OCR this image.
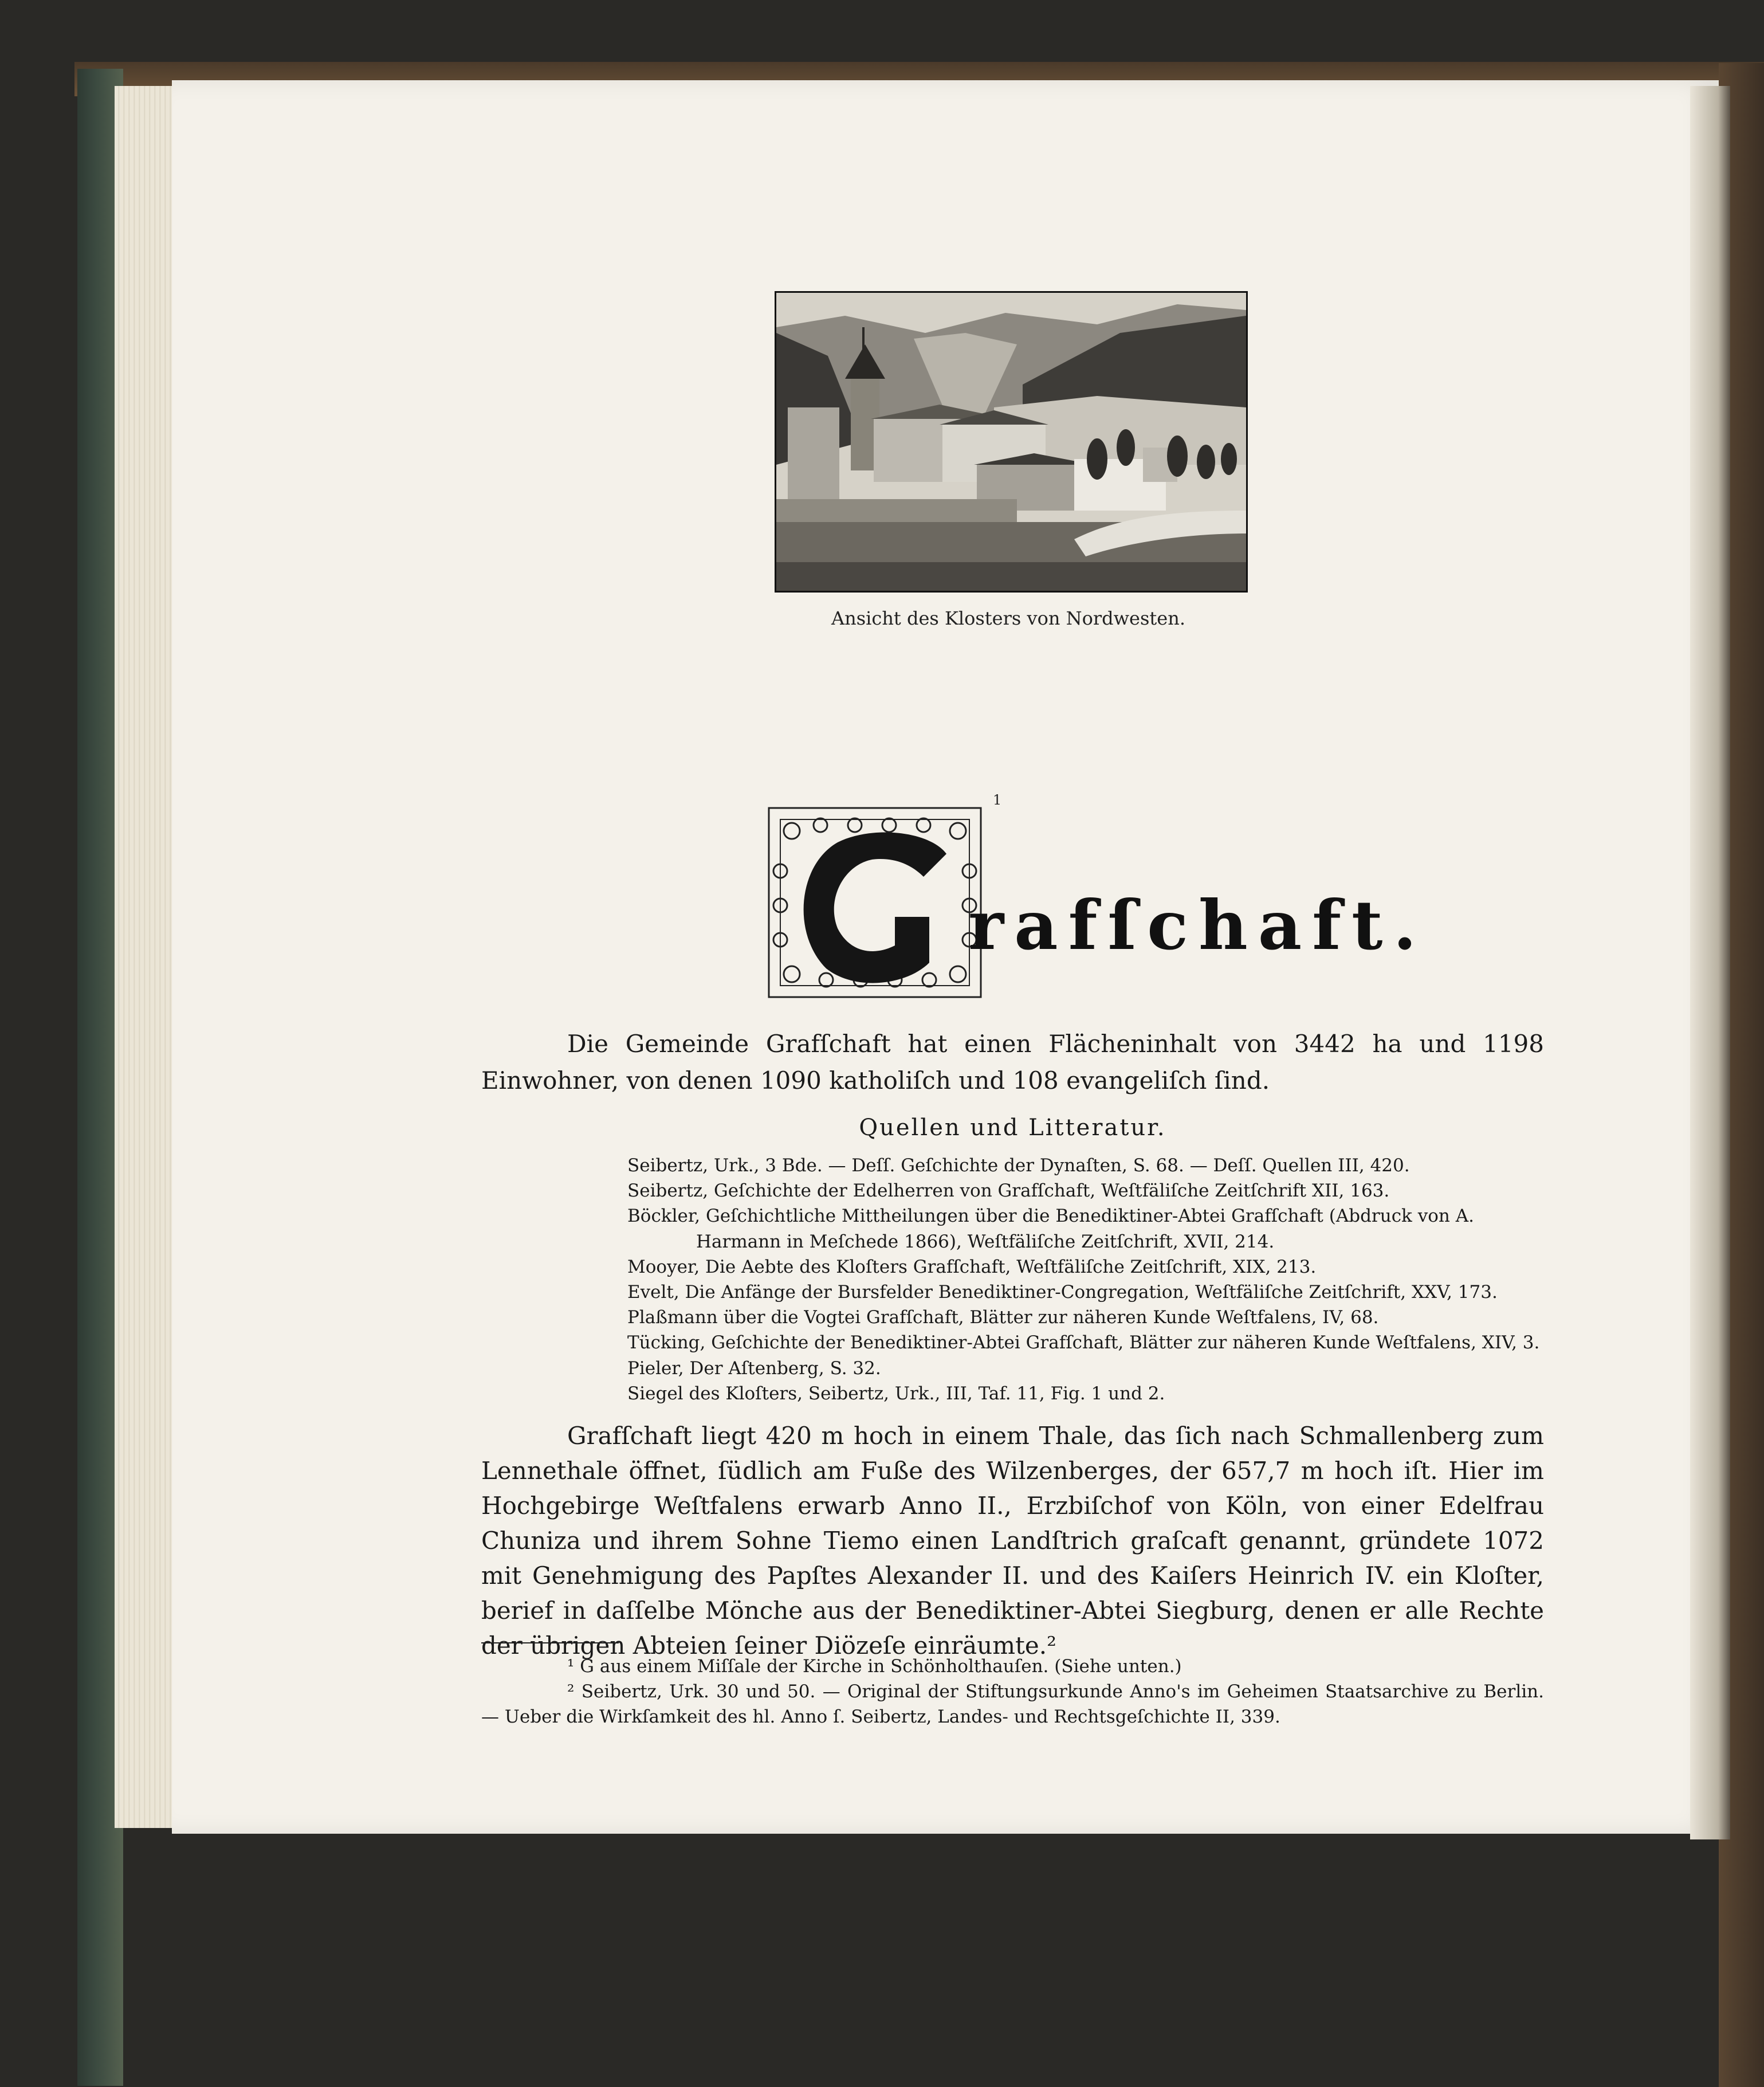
Ansicht des Klosters von Nordwesten.
1
rafſchaft.

Die Gemeinde Grafſchaft hat einen Flächeninhalt von 3442 ha und 1198 Einwohner, von denen 1090 katholiſch und 108 evangeliſch ſind.

Quellen und Litteratur.
Seibertz, Urk., 3 Bde. — Deſſ. Geſchichte der Dynaſten, S. 68. — Deſſ. Quellen III, 420.
Seibertz, Geſchichte der Edelherren von Grafſchaft, Weſtfäliſche Zeitſchrift XII, 163.
Böckler, Geſchichtliche Mittheilungen über die Benediktiner-Abtei Grafſchaft (Abdruck von A. Harmann in Meſchede 1866), Weſtfäliſche Zeitſchrift, XVII, 214.
Mooyer, Die Aebte des Kloſters Grafſchaft, Weſtfäliſche Zeitſchrift, XIX, 213.
Evelt, Die Anfänge der Bursfelder Benediktiner-Congregation, Weſtfäliſche Zeitſchrift, XXV, 173.
Plaßmann über die Vogtei Grafſchaft, Blätter zur näheren Kunde Weſtfalens, IV, 68.
Tücking, Geſchichte der Benediktiner-Abtei Grafſchaft, Blätter zur näheren Kunde Weſtfalens, XIV, 3.
Pieler, Der Aſtenberg, S. 32.
Siegel des Kloſters, Seibertz, Urk., III, Taf. 11, Fig. 1 und 2.

Grafſchaft liegt 420 m hoch in einem Thale, das ſich nach Schmallenberg zum Lennethale öffnet, ſüdlich am Fuße des Wilzenberges, der 657,7 m hoch iſt. Hier im Hochgebirge Weſtfalens erwarb Anno II., Erzbiſchof von Köln, von einer Edelfrau Chuniza und ihrem Sohne Tiemo einen Landſtrich graſcaft genannt, gründete 1072 mit Genehmigung des Papſtes Alexander II. und des Kaiſers Heinrich IV. ein Kloſter, berief in daſſelbe Mönche aus der Benediktiner-Abtei Siegburg, denen er alle Rechte der übrigen Abteien ſeiner Diözeſe einräumte.²

¹ G aus einem Miſſale der Kirche in Schönholthauſen. (Siehe unten.)

² Seibertz, Urk. 30 und 50. — Original der Stiftungsurkunde Anno's im Geheimen Staatsarchive zu Berlin. — Ueber die Wirkſamkeit des hl. Anno ſ. Seibertz, Landes- und Rechtsgeſchichte II, 339.
